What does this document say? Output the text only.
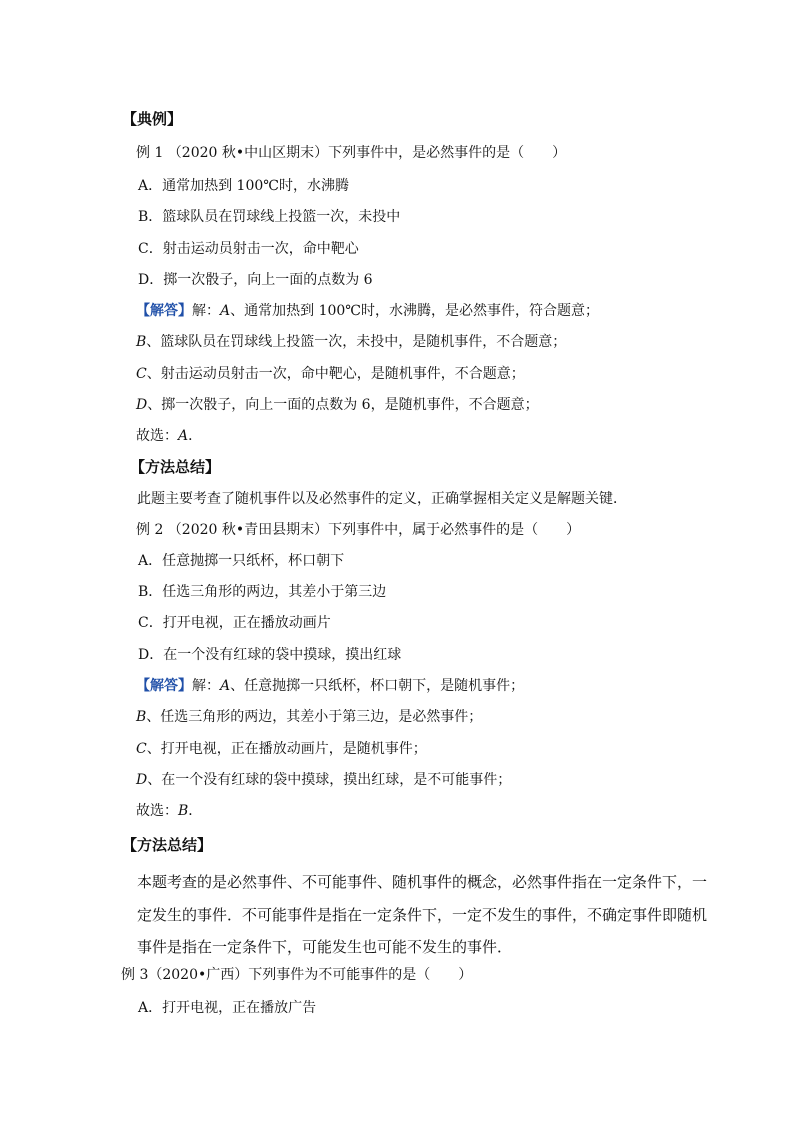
【典例】
例 1 （2020 秋•中山区期末）下列事件中，是必然事件的是（　　）
A．通常加热到 100℃时，水沸腾
B．篮球队员在罚球线上投篮一次，未投中
C．射击运动员射击一次，命中靶心
D．掷一次骰子，向上一面的点数为 6
【解答】解：A、通常加热到 100℃时，水沸腾，是必然事件，符合题意；
B、篮球队员在罚球线上投篮一次，未投中，是随机事件，不合题意；
C、射击运动员射击一次，命中靶心，是随机事件，不合题意；
D、掷一次骰子，向上一面的点数为 6，是随机事件，不合题意；
故选：A．
【方法总结】
此题主要考查了随机事件以及必然事件的定义，正确掌握相关定义是解题关键．
例 2 （2020 秋•青田县期末）下列事件中，属于必然事件的是（　　）
A．任意抛掷一只纸杯，杯口朝下
B．任选三角形的两边，其差小于第三边
C．打开电视，正在播放动画片
D．在一个没有红球的袋中摸球，摸出红球
【解答】解：A、任意抛掷一只纸杯，杯口朝下，是随机事件；
B、任选三角形的两边，其差小于第三边，是必然事件；
C、打开电视，正在播放动画片，是随机事件；
D、在一个没有红球的袋中摸球，摸出红球，是不可能事件；
故选：B．
【方法总结】
本题考查的是必然事件、不可能事件、随机事件的概念，必然事件指在一定条件下，一
定发生的事件．不可能事件是指在一定条件下，一定不发生的事件，不确定事件即随机
事件是指在一定条件下，可能发生也可能不发生的事件．
例 3（2020•广西）下列事件为不可能事件的是（　　）
A．打开电视，正在播放广告
